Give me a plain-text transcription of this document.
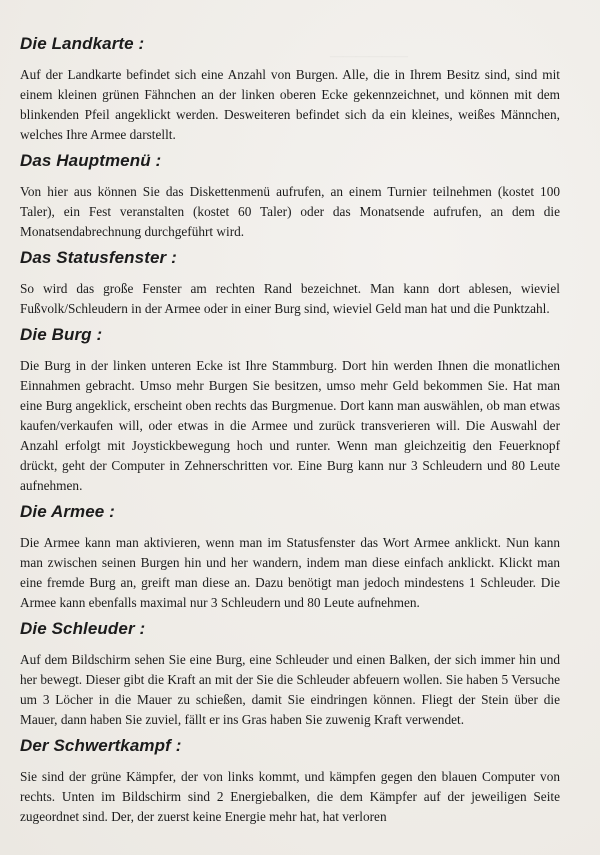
——————
Die Landkarte :

Auf der Landkarte befindet sich eine Anzahl von Burgen. Alle, die in Ihrem Besitz sind, sind mit einem kleinen grünen Fähnchen an der linken oberen Ecke gekennzeichnet, und können mit dem blinkenden Pfeil angeklickt werden. Desweiteren befindet sich da ein kleines, weißes Männchen, welches Ihre Armee darstellt.

Das Hauptmenü :

Von hier aus können Sie das Diskettenmenü aufrufen, an einem Turnier teilnehmen (kostet 100 Taler), ein Fest veranstalten (kostet 60 Taler) oder das Monatsende aufrufen, an dem die Monatsendabrechnung durchgeführt wird.

Das Statusfenster :

So wird das große Fenster am rechten Rand bezeichnet. Man kann dort ablesen, wieviel Fußvolk/Schleudern in der Armee oder in einer Burg sind, wieviel Geld man hat und die Punktzahl.

Die Burg :

Die Burg in der linken unteren Ecke ist Ihre Stammburg. Dort hin werden Ihnen die monatlichen Einnahmen gebracht. Umso mehr Burgen Sie besitzen, umso mehr Geld bekommen Sie. Hat man eine Burg angeklick, erscheint oben rechts das Burgmenue. Dort kann man auswählen, ob man etwas kaufen/verkaufen will, oder etwas in die Armee und zurück transverieren will. Die Auswahl der Anzahl erfolgt mit Joystickbewegung hoch und runter. Wenn man gleichzeitig den Feuerknopf drückt, geht der Computer in Zehnerschritten vor. Eine Burg kann nur 3 Schleudern und 80 Leute aufnehmen.

Die Armee :

Die Armee kann man aktivieren, wenn man im Statusfenster das Wort Armee anklickt. Nun kann man zwischen seinen Burgen hin und her wandern, indem man diese einfach anklickt. Klickt man eine fremde Burg an, greift man diese an. Dazu benötigt man jedoch mindestens 1 Schleuder. Die Armee kann ebenfalls maximal nur 3 Schleudern und 80 Leute aufnehmen.

Die Schleuder :

Auf dem Bildschirm sehen Sie eine Burg, eine Schleuder und einen Balken, der sich immer hin und her bewegt. Dieser gibt die Kraft an mit der Sie die Schleuder abfeuern wollen. Sie haben 5 Versuche um 3 Löcher in die Mauer zu schießen, damit Sie eindringen können. Fliegt der Stein über die Mauer, dann haben Sie zuviel, fällt er ins Gras haben Sie zuwenig Kraft verwendet.

Der Schwertkampf :

Sie sind der grüne Kämpfer, der von links kommt, und kämpfen gegen den blauen Computer von rechts. Unten im Bildschirm sind 2 Energiebalken, die dem Kämpfer auf der jeweiligen Seite zugeordnet sind. Der, der zuerst keine Energie mehr hat, hat verloren
